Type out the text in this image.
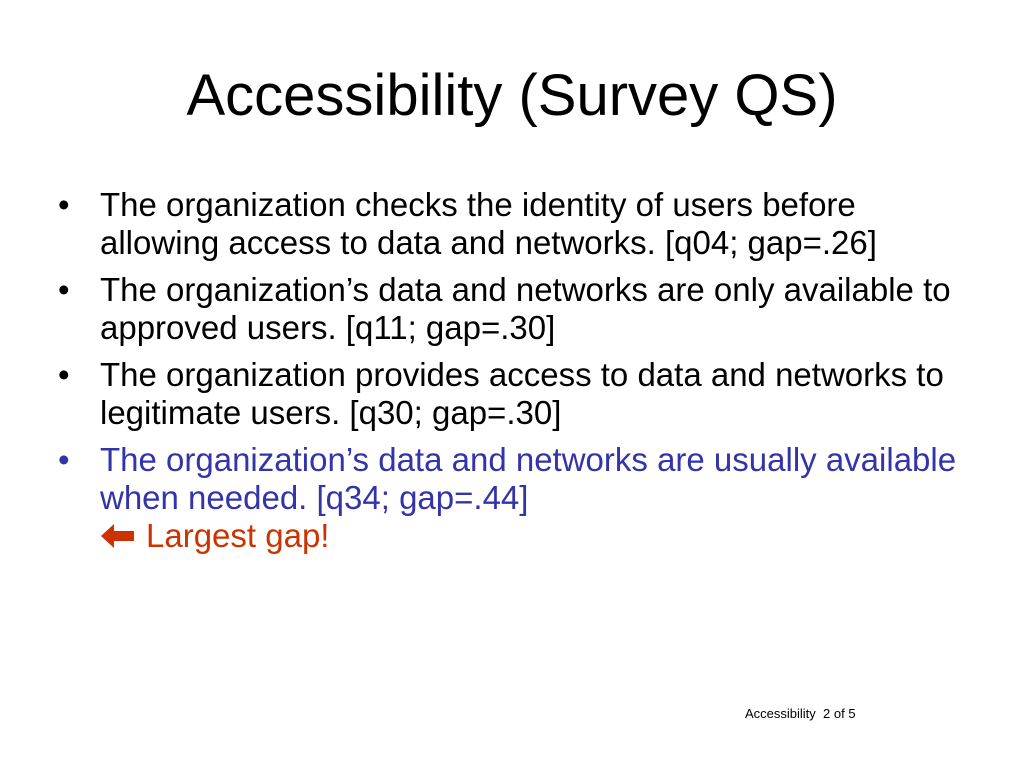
Accessibility (Survey QS)
• The organization checks the identity of users before allowing access to data and networks. [q04; gap=.26]
• The organization’s data and networks are only available to approved users. [q11; gap=.30]
• The organization provides access to data and networks to legitimate users. [q30; gap=.30]
• The organization’s data and networks are usually available when needed. [q34; gap=.44]
Largest gap!
Accessibility  2 of 5
